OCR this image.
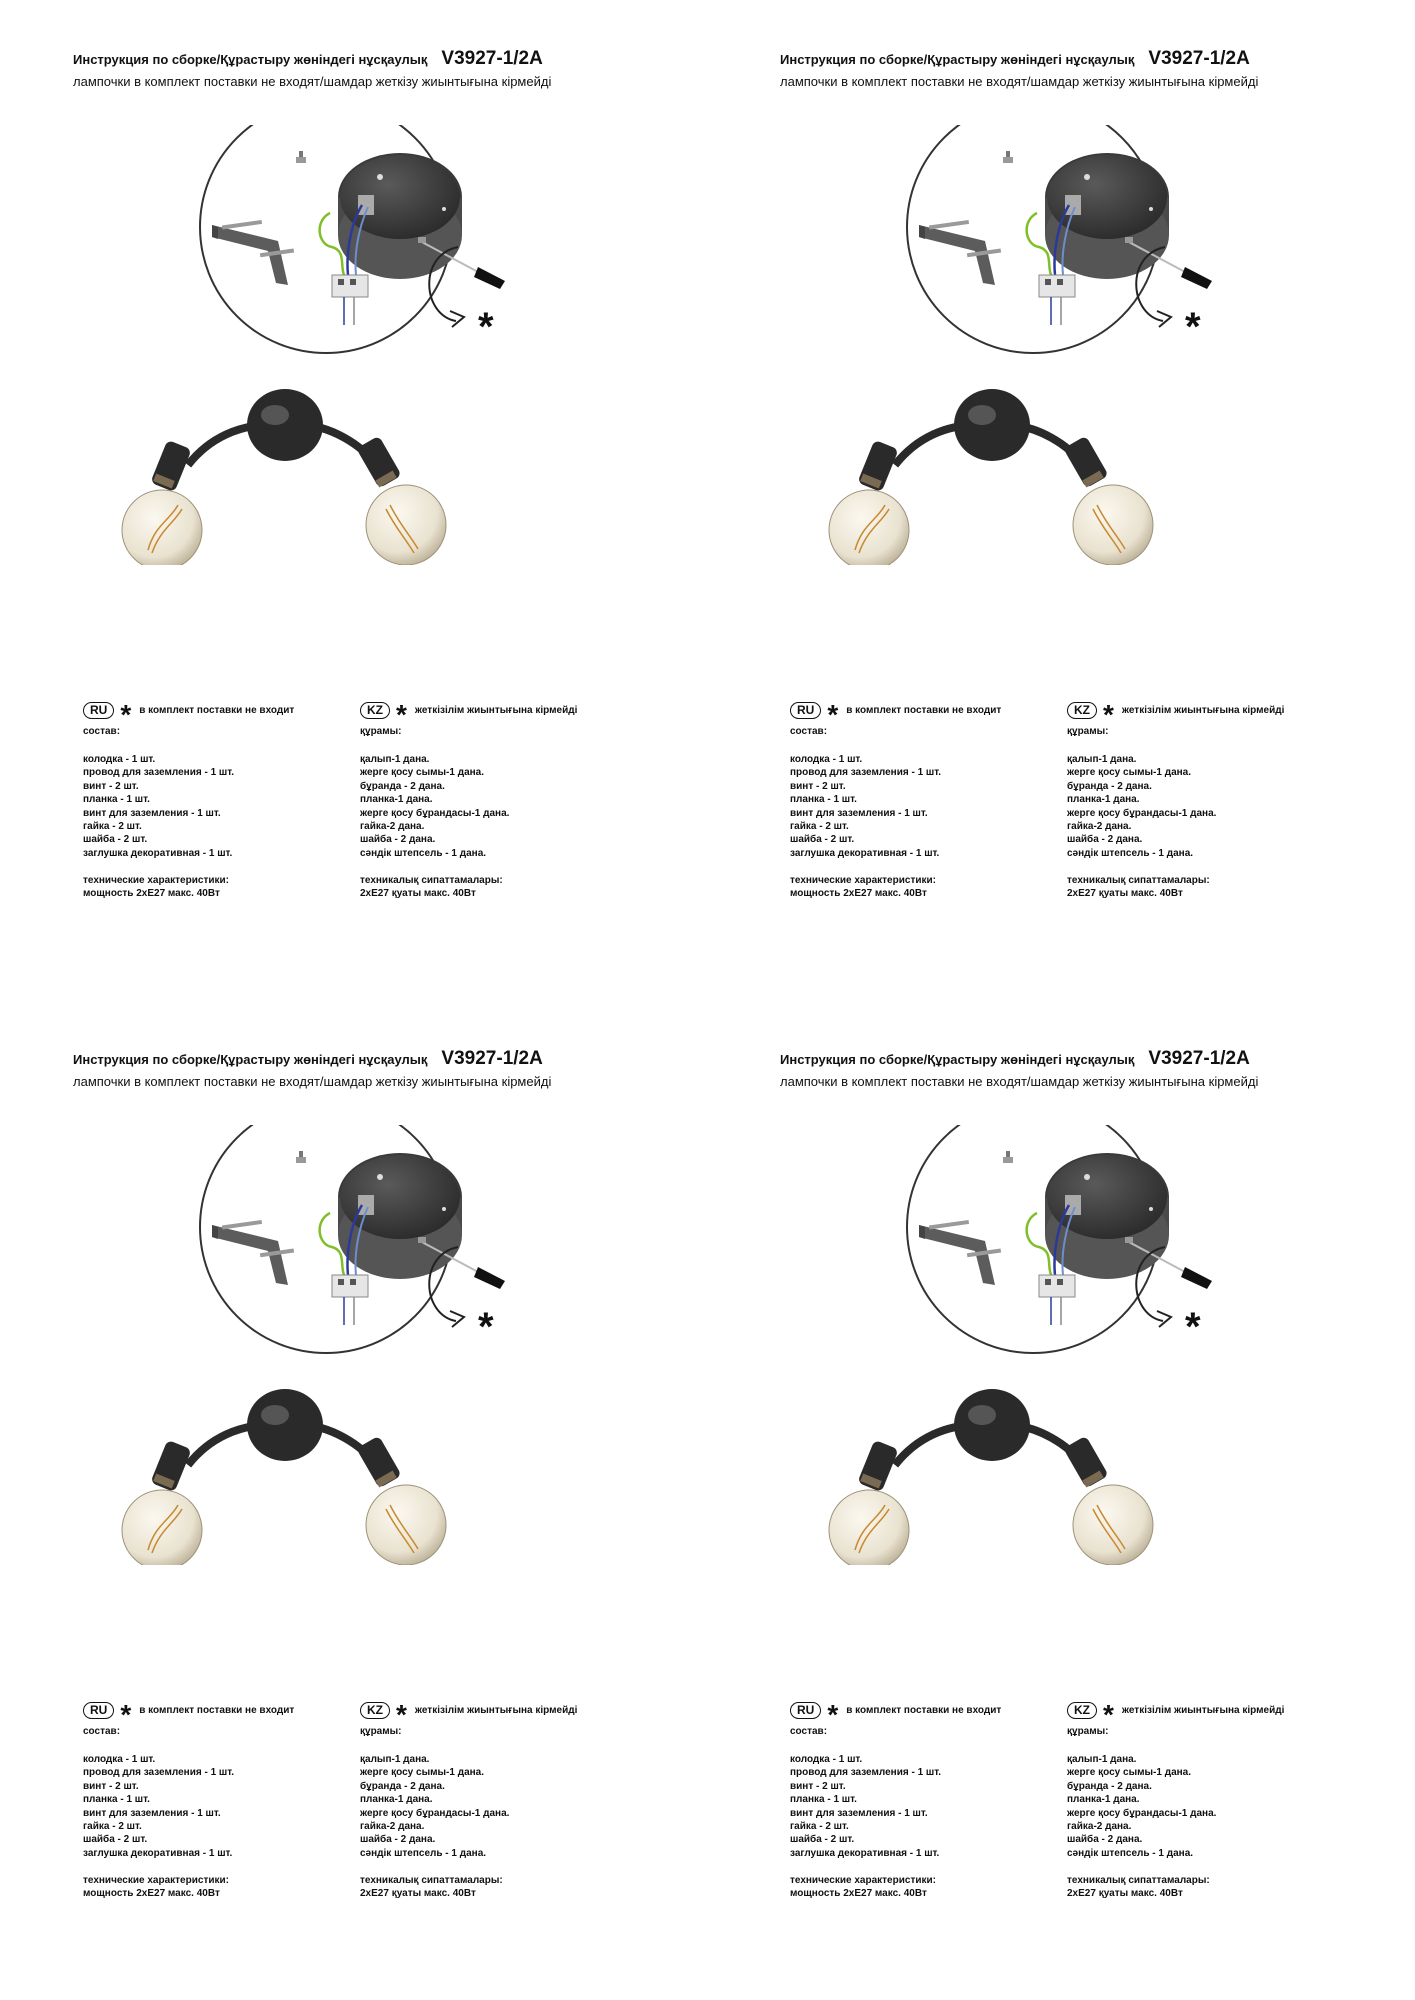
Инструкция по сборке/Құрастыру жөніндегі нұсқаулық V3927-1/2A
лампочки в комплект поставки не входят/шамдар жеткізу жиынтығына кірмейді
*
RU * в комплект поставки не входит
состав:
колодка - 1 шт.
провод для заземления - 1 шт.
винт - 2 шт.
планка - 1 шт.
винт для заземления - 1 шт.
гайка - 2 шт.
шайба - 2 шт.
заглушка декоративная - 1 шт.
технические характеристики:
мощность 2хЕ27 макс. 40Вт
KZ * жеткізілім жиынтығына кірмейді
құрамы:
қалып-1 дана.
жерге қосу сымы-1 дана.
бұранда - 2 дана.
планка-1 дана.
жерге қосу бұрандасы-1 дана.
гайка-2 дана.
шайба - 2 дана.
сәндік штепсель - 1 дана.
техникалық сипаттамалары:
2хЕ27 қуаты макс. 40Вт
Инструкция по сборке/Құрастыру жөніндегі нұсқаулық V3927-1/2A
лампочки в комплект поставки не входят/шамдар жеткізу жиынтығына кірмейді
*
RU * в комплект поставки не входит
состав:
колодка - 1 шт.
провод для заземления - 1 шт.
винт - 2 шт.
планка - 1 шт.
винт для заземления - 1 шт.
гайка - 2 шт.
шайба - 2 шт.
заглушка декоративная - 1 шт.
технические характеристики:
мощность 2хЕ27 макс. 40Вт
KZ * жеткізілім жиынтығына кірмейді
құрамы:
қалып-1 дана.
жерге қосу сымы-1 дана.
бұранда - 2 дана.
планка-1 дана.
жерге қосу бұрандасы-1 дана.
гайка-2 дана.
шайба - 2 дана.
сәндік штепсель - 1 дана.
техникалық сипаттамалары:
2хЕ27 қуаты макс. 40Вт
Инструкция по сборке/Құрастыру жөніндегі нұсқаулық V3927-1/2A
лампочки в комплект поставки не входят/шамдар жеткізу жиынтығына кірмейді
*
RU * в комплект поставки не входит
состав:
колодка - 1 шт.
провод для заземления - 1 шт.
винт - 2 шт.
планка - 1 шт.
винт для заземления - 1 шт.
гайка - 2 шт.
шайба - 2 шт.
заглушка декоративная - 1 шт.
технические характеристики:
мощность 2хЕ27 макс. 40Вт
KZ * жеткізілім жиынтығына кірмейді
құрамы:
қалып-1 дана.
жерге қосу сымы-1 дана.
бұранда - 2 дана.
планка-1 дана.
жерге қосу бұрандасы-1 дана.
гайка-2 дана.
шайба - 2 дана.
сәндік штепсель - 1 дана.
техникалық сипаттамалары:
2хЕ27 қуаты макс. 40Вт
Инструкция по сборке/Құрастыру жөніндегі нұсқаулық V3927-1/2A
лампочки в комплект поставки не входят/шамдар жеткізу жиынтығына кірмейді
*
RU * в комплект поставки не входит
состав:
колодка - 1 шт.
провод для заземления - 1 шт.
винт - 2 шт.
планка - 1 шт.
винт для заземления - 1 шт.
гайка - 2 шт.
шайба - 2 шт.
заглушка декоративная - 1 шт.
технические характеристики:
мощность 2хЕ27 макс. 40Вт
KZ * жеткізілім жиынтығына кірмейді
құрамы:
қалып-1 дана.
жерге қосу сымы-1 дана.
бұранда - 2 дана.
планка-1 дана.
жерге қосу бұрандасы-1 дана.
гайка-2 дана.
шайба - 2 дана.
сәндік штепсель - 1 дана.
техникалық сипаттамалары:
2хЕ27 қуаты макс. 40Вт
